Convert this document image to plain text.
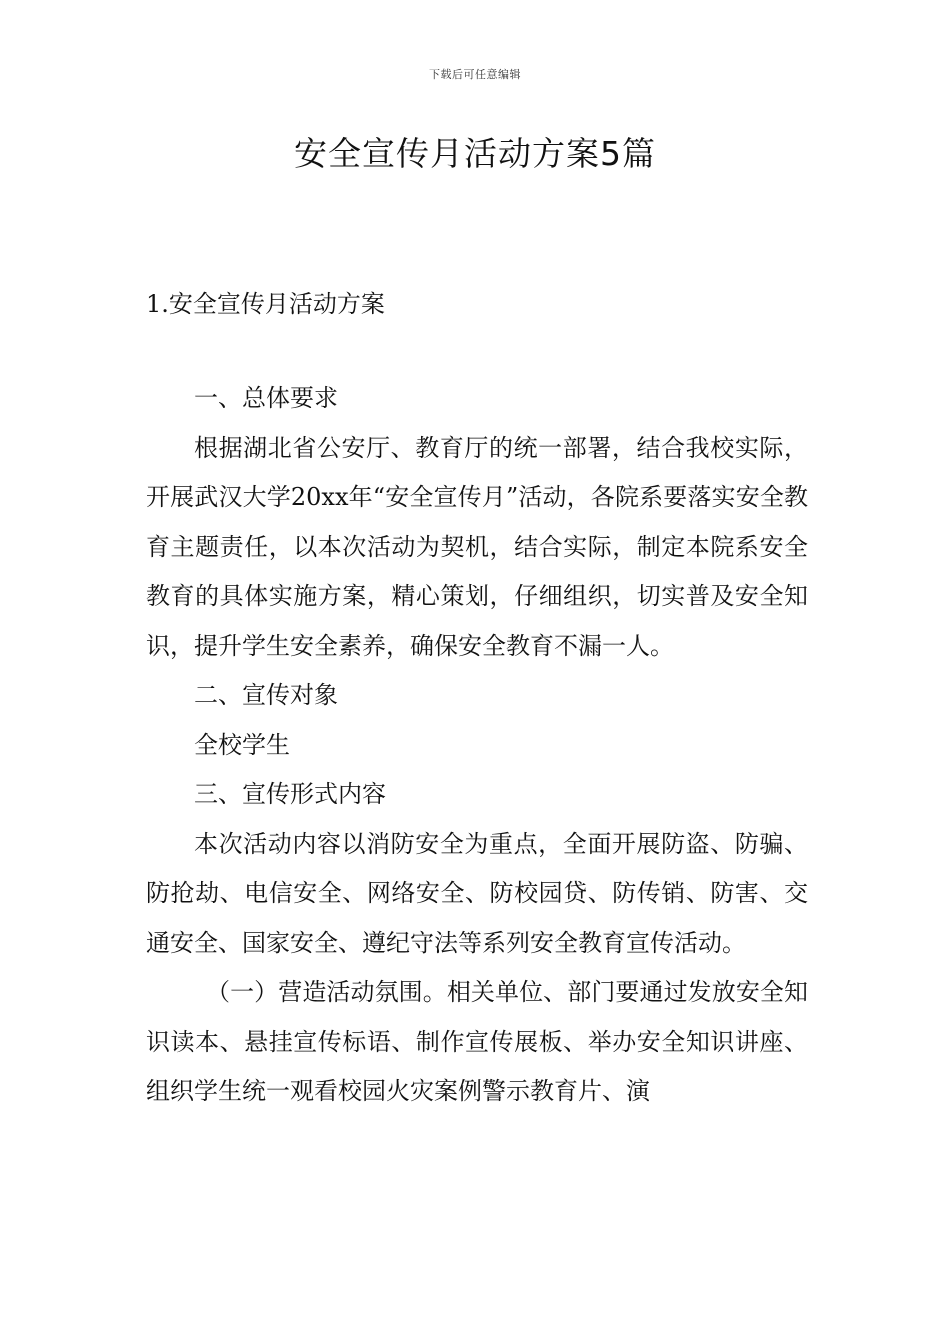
下载后可任意编辑
安全宣传月活动方案5篇
1.安全宣传月活动方案

一、总体要求

根据湖北省公安厅、教育厅的统一部署，结合我校实际，开展武汉大学20xx年“安全宣传月”活动，各院系要落实安全教育主题责任，以本次活动为契机，结合实际，制定本院系安全教育的具体实施方案，精心策划，仔细组织，切实普及安全知识，提升学生安全素养，确保安全教育不漏一人。

二、宣传对象

全校学生

三、宣传形式内容

本次活动内容以消防安全为重点，全面开展防盗、防骗、防抢劫、电信安全、网络安全、防校园贷、防传销、防害、交通安全、国家安全、遵纪守法等系列安全教育宣传活动。

（一）营造活动氛围。相关单位、部门要通过发放安全知识读本、悬挂宣传标语、制作宣传展板、举办安全知识讲座、组织学生统一观看校园火灾案例警示教育片、演
